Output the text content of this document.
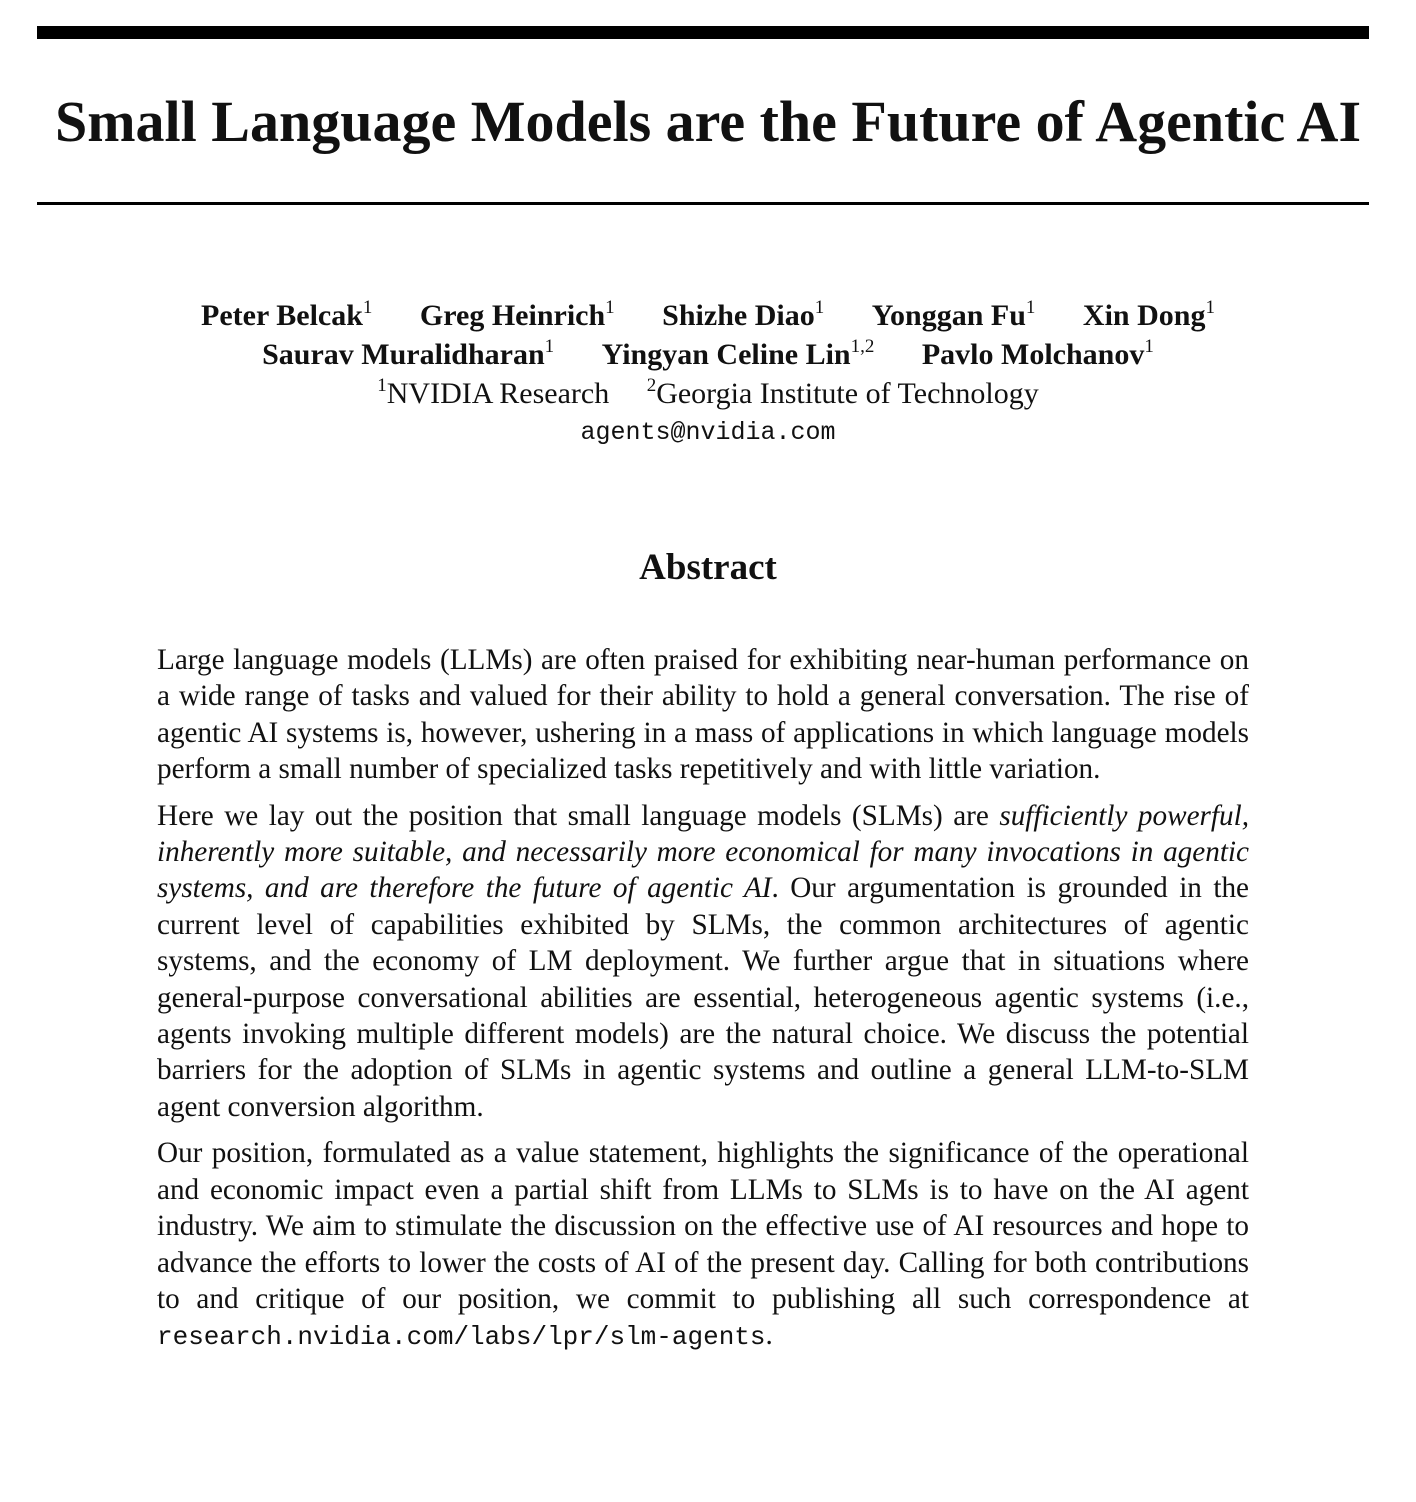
Small Language Models are the Future of Agentic AI
Peter Belcak$^1$ Greg Heinrich$^1$ Shizhe Diao$^1$ Yonggan Fu$^1$ Xin Dong$^1$
Saurav Muralidharan$^1$ Yingyan Celine Lin$^{1,2}$ Pavlo Molchanov$^1$
$^1$NVIDIA Research $^2$Georgia Institute of Technology
agents@nvidia.com
Abstract

Large language models (LLMs) are often praised for exhibiting near-human performance on a wide range of tasks and valued for their ability to hold a general conversation. The rise of agentic AI systems is, however, ushering in a mass of applications in which language models perform a small number of specialized tasks repetitively and with little variation.

Here we lay out the position that small language models (SLMs) are sufficiently powerful, inherently more suitable, and necessarily more economical for many invocations in agentic systems, and are therefore the future of agentic AI. Our argumentation is grounded in the current level of capabilities exhibited by SLMs, the common architectures of agentic systems, and the economy of LM deployment. We further argue that in situations where general-purpose conversational abilities are essential, heterogeneous agentic systems (i.e., agents invoking multiple different models) are the natural choice. We discuss the potential barriers for the adoption of SLMs in agentic systems and outline a general LLM-to-SLM agent conversion algorithm.

Our position, formulated as a value statement, highlights the significance of the operational and economic impact even a partial shift from LLMs to SLMs is to have on the AI agent industry. We aim to stimulate the discussion on the effective use of AI resources and hope to advance the efforts to lower the costs of AI of the present day. Calling for both contributions to and critique of our position, we commit to publishing all such correspondence at research.nvidia.com/labs/lpr/slm-agents.
